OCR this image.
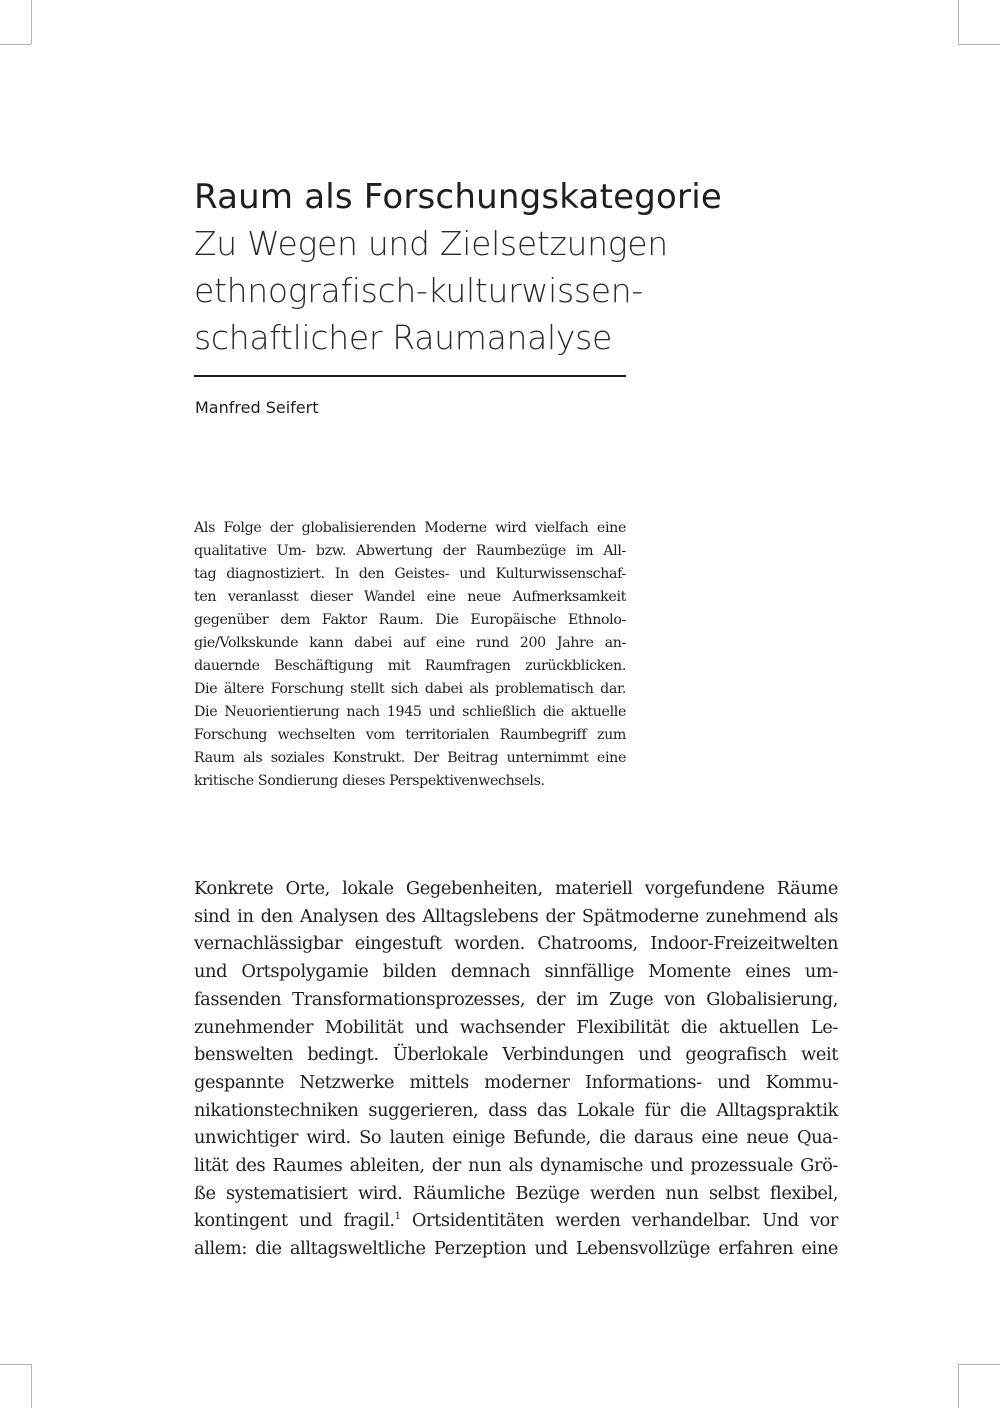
Raum als Forschungskategorie
Zu Wegen und Zielsetzungen
ethnografisch-kulturwissen-
schaftlicher Raumanalyse
Manfred Seifert
Als Folge der globalisierenden Moderne wird vielfach eine
qualitative Um- bzw. Abwertung der Raumbezüge im All-
tag diagnostiziert. In den Geistes- und Kulturwissenschaf-
ten veranlasst dieser Wandel eine neue Aufmerksamkeit
gegenüber dem Faktor Raum. Die Europäische Ethnolo-
gie/Volkskunde kann dabei auf eine rund 200 Jahre an-
dauernde Beschäftigung mit Raumfragen zurückblicken.
Die ältere Forschung stellt sich dabei als problematisch dar.
Die Neuorientierung nach 1945 und schließlich die aktuelle
Forschung wechselten vom territorialen Raumbegriff zum
Raum als soziales Konstrukt. Der Beitrag unternimmt eine
kritische Sondierung dieses Perspektivenwechsels.
Konkrete Orte, lokale Gegebenheiten, materiell vorgefundene Räume
sind in den Analysen des Alltagslebens der Spätmoderne zunehmend als
vernachlässigbar eingestuft worden. Chatrooms, Indoor-Freizeitwelten
und Ortspolygamie bilden demnach sinnfällige Momente eines um-
fassenden Transformationsprozesses, der im Zuge von Globalisierung,
zunehmender Mobilität und wachsender Flexibilität die aktuellen Le-
benswelten bedingt. Überlokale Verbindungen und geografisch weit
gespannte Netzwerke mittels moderner Informations- und Kommu-
nikationstechniken suggerieren, dass das Lokale für die Alltagspraktik
unwichtiger wird. So lauten einige Befunde, die daraus eine neue Qua-
lität des Raumes ableiten, der nun als dynamische und prozessuale Grö-
ße systematisiert wird. Räumliche Bezüge werden nun selbst flexibel,
kontingent und fragil.$^1$ Ortsidentitäten werden verhandelbar. Und vor
allem: die alltagsweltliche Perzeption und Lebensvollzüge erfahren eine
